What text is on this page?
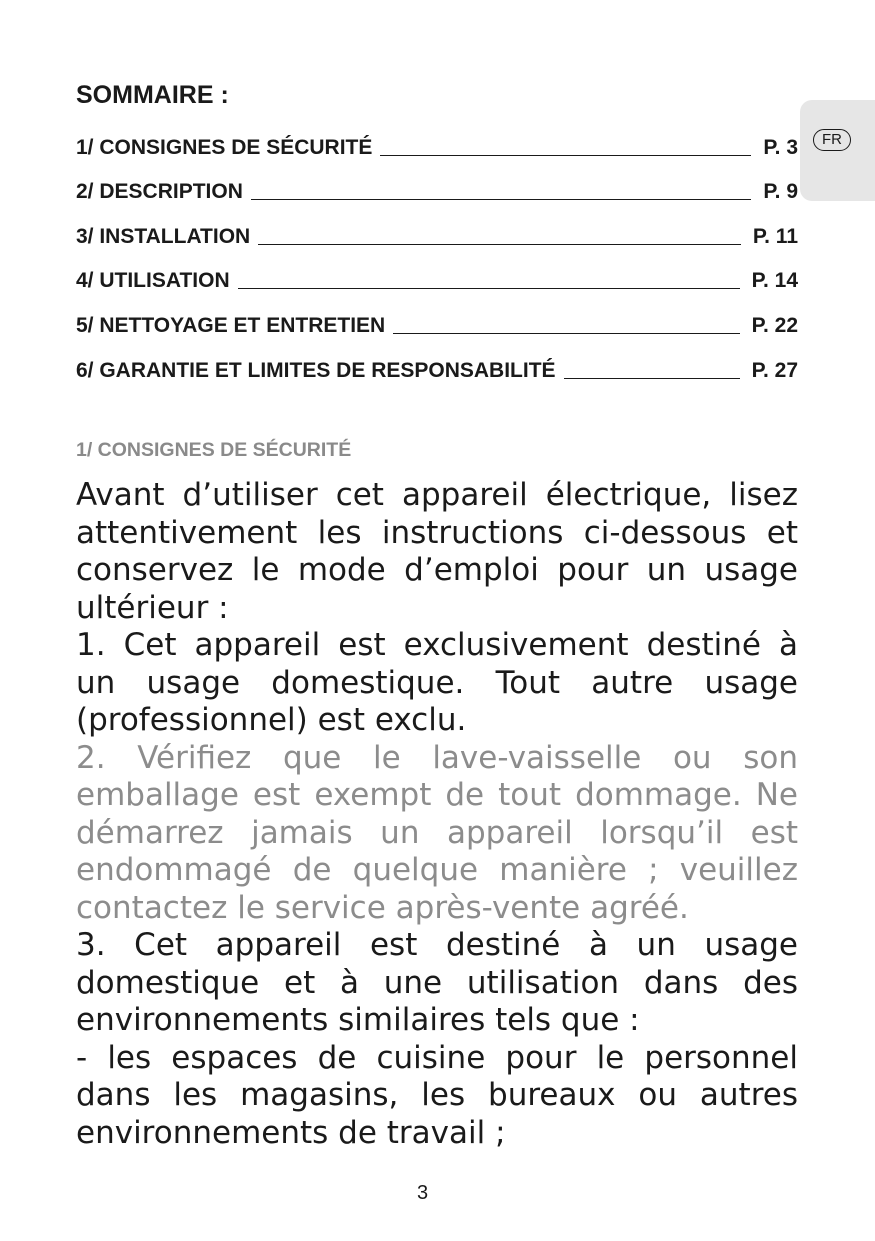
FR
SOMMAIRE :
1/ CONSIGNES DE SÉCURITÉ	P. 3
2/ DESCRIPTION	P. 9
3/ INSTALLATION	P. 11
4/ UTILISATION	P. 14
5/ NETTOYAGE ET ENTRETIEN	P. 22
6/ GARANTIE ET LIMITES DE RESPONSABILITÉ	P. 27
1/ CONSIGNES DE SÉCURITÉ

Avant d’utiliser cet appareil électrique, lisez attentivement les instructions ci-dessous et conservez le mode d’emploi pour un usage ultérieur :

1. Cet appareil est exclusivement destiné à un usage domestique. Tout autre usage (professionnel) est exclu.

2. Vérifiez que le lave-vaisselle ou son emballage est exempt de tout dommage. Ne démarrez jamais un appareil lorsqu’il est endommagé de quelque manière ; veuillez contactez le service après-vente agréé.

3. Cet appareil est destiné à un usage domestique et à une utilisation dans des environnements similaires tels que :

- les espaces de cuisine pour le personnel dans les magasins, les bureaux ou autres environnements de travail ;

3
